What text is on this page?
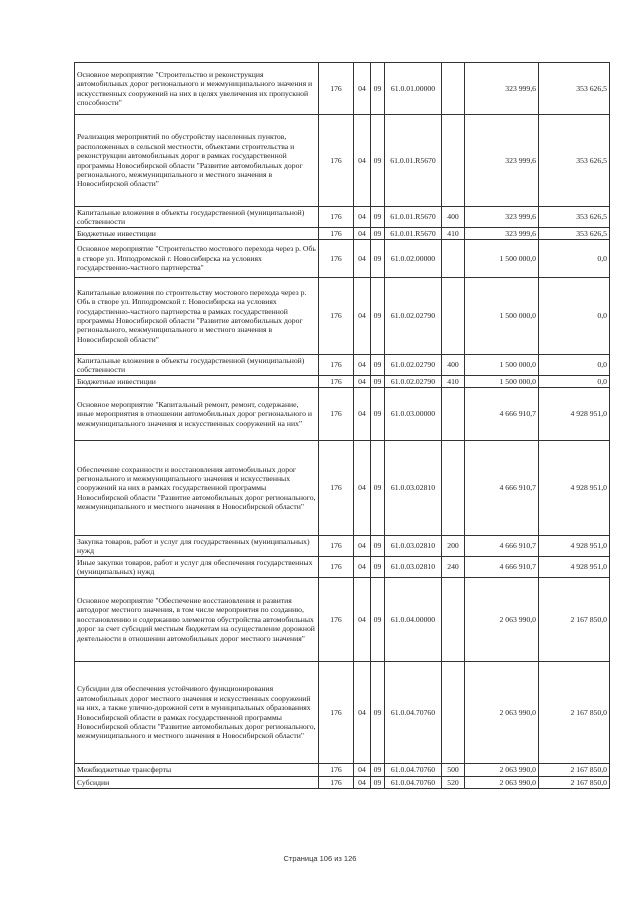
Основное мероприятие "Строительство и реконструкция автомобильных дорог регионального и межмуниципального значения и искусственных сооружений на них в целях увеличения их пропускной способности"	176	04	09	61.0.01.00000		323 999,6	353 626,5
Реализация мероприятий по обустройству населенных пунктов, расположенных в сельской местности, объектами строительства и реконструкции автомобильных дорог в рамках государственной программы Новосибирской области "Развитие автомобильных дорог регионального, межмуниципального и местного значения в Новосибирской области"	176	04	09	61.0.01.R5670		323 999,6	353 626,5
Капитальные вложения в объекты государственной (муниципальной) собственности	176	04	09	61.0.01.R5670	400	323 999,6	353 626,5
Бюджетные инвестиции	176	04	09	61.0.01.R5670	410	323 999,6	353 626,5
Основное мероприятие "Строительство мостового перехода через р. Обь в створе ул. Ипподромской г. Новосибирска на условиях государственно-частного партнерства"	176	04	09	61.0.02.00000		1 500 000,0	0,0
Капитальные вложения по строительству мостового перехода через р. Обь в створе ул. Ипподромской г. Новосибирска на условиях государственно-частного партнерства в рамках государственной программы Новосибирской области "Развитие автомобильных дорог регионального, межмуниципального и местного значения в Новосибирской области"	176	04	09	61.0.02.02790		1 500 000,0	0,0
Капитальные вложения в объекты государственной (муниципальной) собственности	176	04	09	61.0.02.02790	400	1 500 000,0	0,0
Бюджетные инвестиции	176	04	09	61.0.02.02790	410	1 500 000,0	0,0
Основное мероприятие "Капитальный ремонт, ремонт, содержание, иные мероприятия в отношении автомобильных дорог регионального и межмуниципального значения и искусственных сооружений на них"	176	04	09	61.0.03.00000		4 666 910,7	4 928 951,0
Обеспечение сохранности и восстановления автомобильных дорог регионального и межмуниципального значения и искусственных сооружений на них в рамках государственной программы Новосибирской области "Развитие автомобильных дорог регионального, межмуниципального и местного значения в Новосибирской области"	176	04	09	61.0.03.02810		4 666 910,7	4 928 951,0
Закупка товаров, работ и услуг для государственных (муниципальных) нужд	176	04	09	61.0.03.02810	200	4 666 910,7	4 928 951,0
Иные закупки товаров, работ и услуг для обеспечения государственных (муниципальных) нужд	176	04	09	61.0.03.02810	240	4 666 910,7	4 928 951,0
Основное мероприятие "Обеспечение восстановления и развития автодорог местного значения, в том числе мероприятия по созданию, восстановлению и содержанию элементов обустройства автомобильных дорог за счет субсидий местным бюджетам на осуществление дорожной деятельности в отношении автомобильных дорог местного значения"	176	04	09	61.0.04.00000		2 063 990,0	2 167 850,0
Субсидии для обеспечения устойчивого функционирования автомобильных дорог местного значения и искусственных сооружений на них, а также улично-дорожной сети в муниципальных образованиях Новосибирской области в рамках государственной программы Новосибирской области "Развитие автомобильных дорог регионального, межмуниципального и местного значения в Новосибирской области"	176	04	09	61.0.04.70760		2 063 990,0	2 167 850,0
Межбюджетные трансферты	176	04	09	61.0.04.70760	500	2 063 990,0	2 167 850,0
Субсидии	176	04	09	61.0.04.70760	520	2 063 990,0	2 167 850,0
Страница 106 из 126
